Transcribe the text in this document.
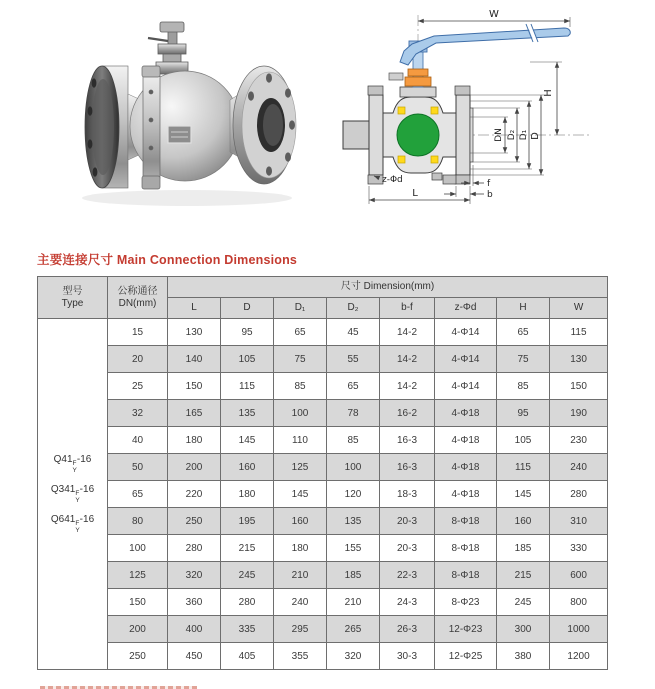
W
H
DN D₂ D₁ D
z-Φd
L
f
b
主要连接尺寸 Main Connection Dimensions
型号
Type	公称通径
DN(mm)	尺寸 Dimension(mm)							
		L	D	D₁	D₂	b-f	z-Φd	H	W

Q41 F
Y
-16
Q341 F
Y
-16
Q641 F
Y
-16
	15	130	95	65	45	14-2	4-Φ14	65	115
	20	140	105	75	55	14-2	4-Φ14	75	130
	25	150	115	85	65	14-2	4-Φ14	85	150
	32	165	135	100	78	16-2	4-Φ18	95	190
	40	180	145	110	85	16-3	4-Φ18	105	230
	50	200	160	125	100	16-3	4-Φ18	115	240
	65	220	180	145	120	18-3	4-Φ18	145	280
	80	250	195	160	135	20-3	8-Φ18	160	310
	100	280	215	180	155	20-3	8-Φ18	185	330
	125	320	245	210	185	22-3	8-Φ18	215	600
	150	360	280	240	210	24-3	8-Φ23	245	800
	200	400	335	295	265	26-3	12-Φ23	300	1000
	250	450	405	355	320	30-3	12-Φ25	380	1200
